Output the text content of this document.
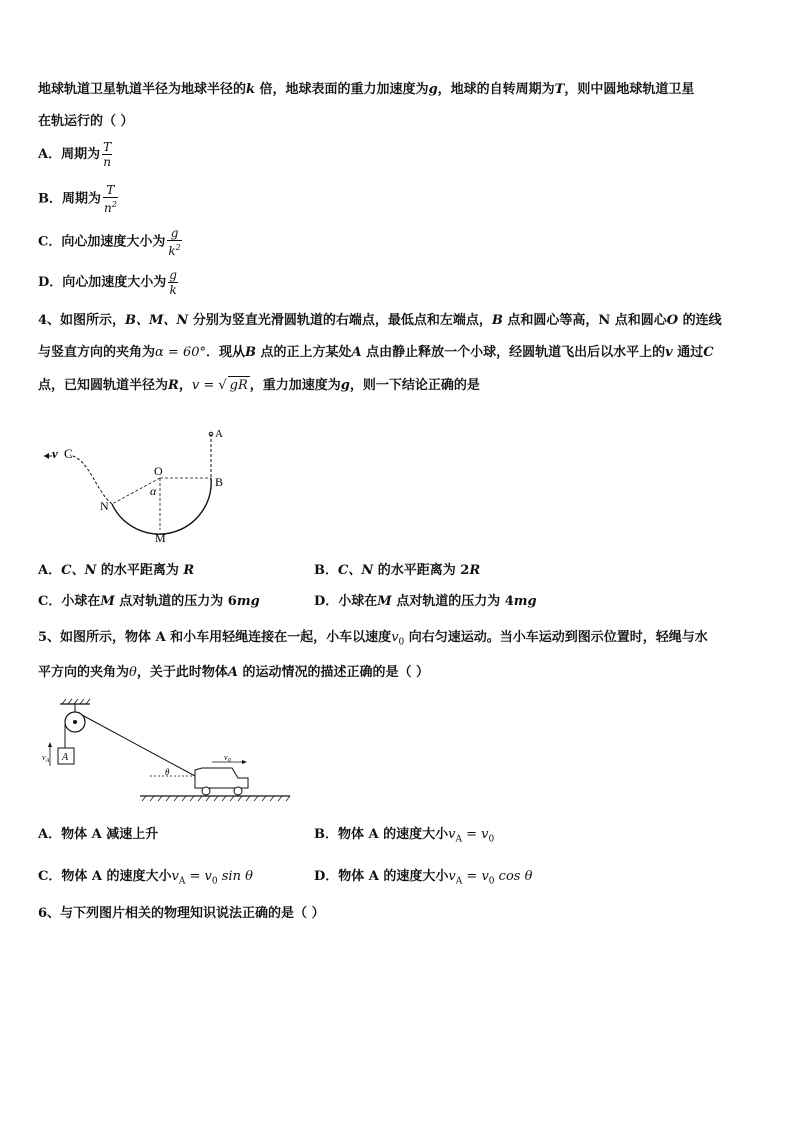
地球轨道卫星轨道半径为地球半径的k 倍，地球表面的重力加速度为g，地球的自转周期为T，则中圆地球轨道卫星
在轨运行的（ ）
A．周期为 $\frac{T}{n}$
B．周期为 $\frac{T}{n^2}$
C．向心加速度大小为 $\frac{g}{k^2}$
D．向心加速度大小为 $\frac{g}{k}$
4、如图所示，B、M、N 分别为竖直光滑圆轨道的右端点，最低点和左端点，B 点和圆心等高，N 点和圆心O 的连线
与竖直方向的夹角为α = 60°．现从B 点的正上方某处A 点由静止释放一个小球，经圆轨道飞出后以水平上的v 通过C
点，已知圆轨道半径为R，v = √ gR ，重力加速度为g，则一下结论正确的是
v C
A
O
α
B
N
M
A．C、N 的水平距离为 R	B．C、N 的水平距离为 2R
C．小球在M 点对轨道的压力为 6mg	D．小球在M 点对轨道的压力为 4mg
5、如图所示，物体 A 和小车用轻绳连接在一起，小车以速度$v_0$ 向右匀速运动。当小车运动到图示位置时，轻绳与水
平方向的夹角为θ，关于此时物体A 的运动情况的描述正确的是（ ）
A
$v_A$
θ
$v_0$
A．物体 A 减速上升	B．物体 A 的速度大小$v_A = v_0$
C．物体 A 的速度大小$v_A = v_0$ sin θ	D．物体 A 的速度大小$v_A = v_0$ cos θ
6、与下列图片相关的物理知识说法正确的是（ ）
